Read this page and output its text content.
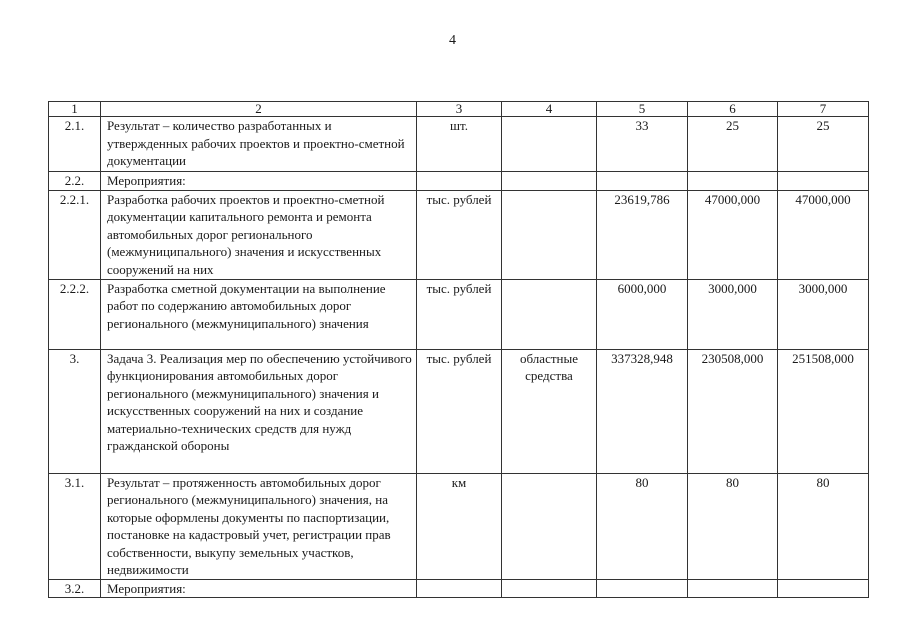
4
1	2	3	4	5	6	7
2.1.	Результат – количество разработанных и утвержденных рабочих проектов и проектно-сметной документации	шт.		33	25	25
2.2.	Мероприятия:					
2.2.1.	Разработка рабочих проектов и проектно-сметной документации капитального ремонта и ремонта автомобильных дорог регионального (межмуниципального) значения и искусственных сооружений на них	тыс. рублей		23619,786	47000,000	47000,000
2.2.2.	Разработка сметной документации на выполнение работ по содержанию автомобильных дорог регионального (межмуниципального) значения	тыс. рублей		6000,000	3000,000	3000,000
3.	Задача 3. Реализация мер по обеспечению устойчивого функционирования автомобильных дорог регионального (межмуниципального) значения и искусственных сооружений на них и создание материально-технических средств для нужд гражданской обороны	тыс. рублей	областные средства	337328,948	230508,000	251508,000
3.1.	Результат – протяженность автомобильных дорог регионального (межмуниципального) значения, на которые оформлены документы по паспортизации, постановке на кадастровый учет, регистрации прав собственности, выкупу земельных участков, недвижимости	км		80	80	80
3.2.	Мероприятия:					
